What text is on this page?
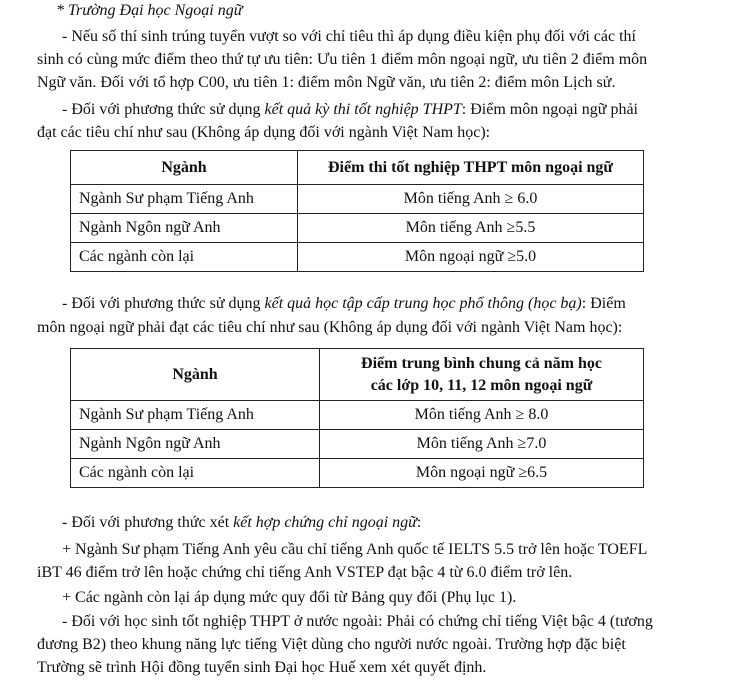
* Trường Đại học Ngoại ngữ
- Nếu số thí sinh trúng tuyển vượt so với chỉ tiêu thì áp dụng điều kiện phụ đối với các thí
sinh có cùng mức điểm theo thứ tự ưu tiên: Ưu tiên 1 điểm môn ngoại ngữ, ưu tiên 2 điểm môn
Ngữ văn. Đối với tổ hợp C00, ưu tiên 1: điểm môn Ngữ văn, ưu tiên 2: điểm môn Lịch sử.
- Đối với phương thức sử dụng kết quả kỳ thi tốt nghiệp THPT: Điểm môn ngoại ngữ phải
đạt các tiêu chí như sau (Không áp dụng đối với ngành Việt Nam học):
Ngành	Điểm thi tốt nghiệp THPT môn ngoại ngữ
Ngành Sư phạm Tiếng Anh	Môn tiếng Anh ≥ 6.0
Ngành Ngôn ngữ Anh	Môn tiếng Anh ≥5.5
Các ngành còn lại	Môn ngoại ngữ ≥5.0
- Đối với phương thức sử dụng kết quả học tập cấp trung học phổ thông (học bạ): Điểm
môn ngoại ngữ phải đạt các tiêu chí như sau (Không áp dụng đối với ngành Việt Nam học):
Ngành	Điểm trung bình chung cả năm học
các lớp 10, 11, 12 môn ngoại ngữ

Ngành Sư phạm Tiếng Anh	Môn tiếng Anh ≥ 8.0
Ngành Ngôn ngữ Anh	Môn tiếng Anh ≥7.0
Các ngành còn lại	Môn ngoại ngữ ≥6.5
- Đối với phương thức xét kết hợp chứng chỉ ngoại ngữ:
+ Ngành Sư phạm Tiếng Anh yêu cầu chỉ tiếng Anh quốc tế IELTS 5.5 trở lên hoặc TOEFL
iBT 46 điểm trở lên hoặc chứng chỉ tiếng Anh VSTEP đạt bậc 4 từ 6.0 điểm trở lên.
+ Các ngành còn lại áp dụng mức quy đổi từ Bảng quy đổi (Phụ lục 1).
- Đối với học sinh tốt nghiệp THPT ở nước ngoài: Phải có chứng chỉ tiếng Việt bậc 4 (tương
đương B2) theo khung năng lực tiếng Việt dùng cho người nước ngoài. Trường hợp đặc biệt
Trường sẽ trình Hội đồng tuyển sinh Đại học Huế xem xét quyết định.
